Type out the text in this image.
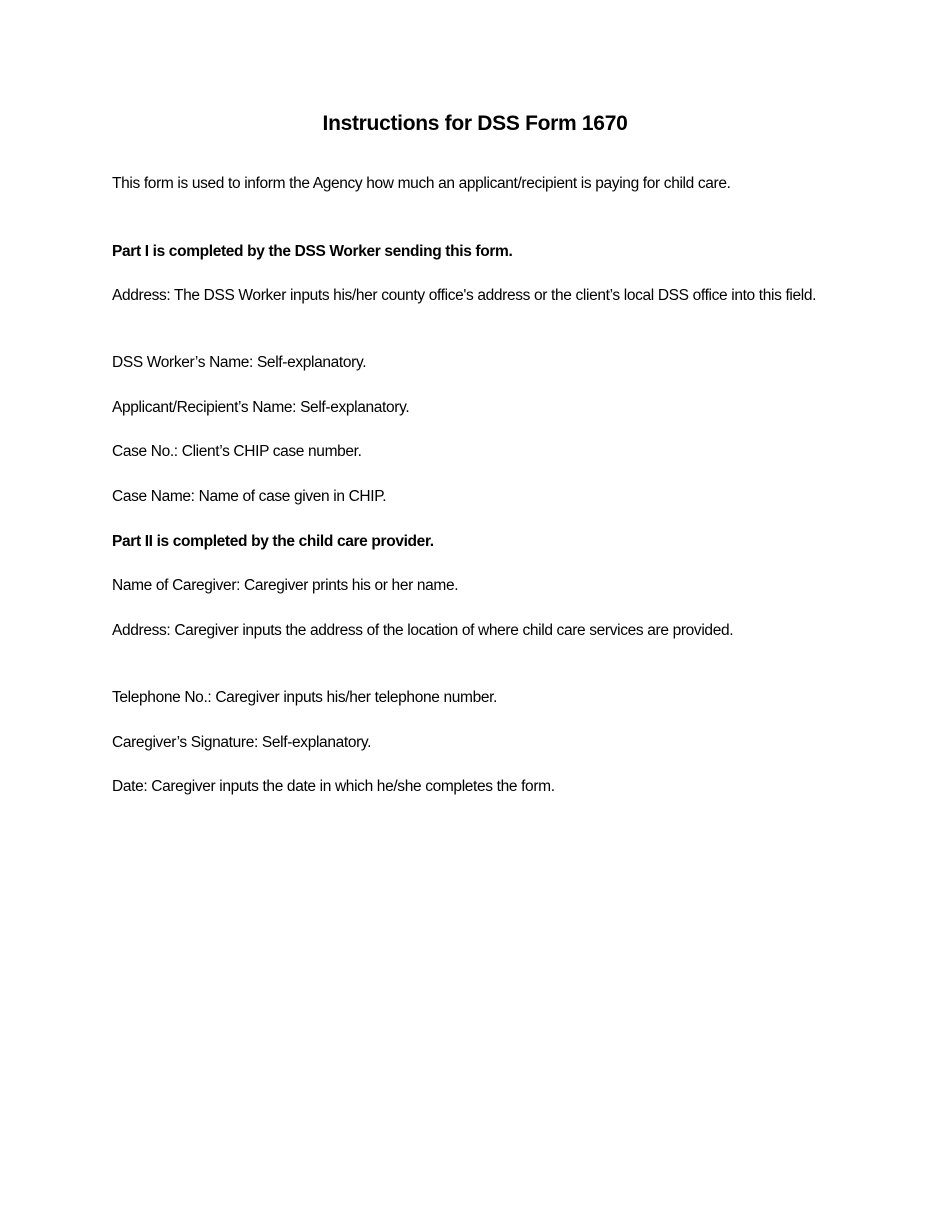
Instructions for DSS Form 1670

This form is used to inform the Agency how much an applicant/recipient is paying for child care.

Part I is completed by the DSS Worker sending this form.

Address: The DSS Worker inputs his/her county office's address or the client’s local DSS office into this field.

DSS Worker’s Name: Self-explanatory.

Applicant/Recipient’s Name: Self-explanatory.

Case No.: Client’s CHIP case number.

Case Name: Name of case given in CHIP.

Part II is completed by the child care provider.

Name of Caregiver: Caregiver prints his or her name.

Address: Caregiver inputs the address of the location of where child care services are provided.

Telephone No.: Caregiver inputs his/her telephone number.

Caregiver’s Signature: Self-explanatory.

Date: Caregiver inputs the date in which he/she completes the form.
